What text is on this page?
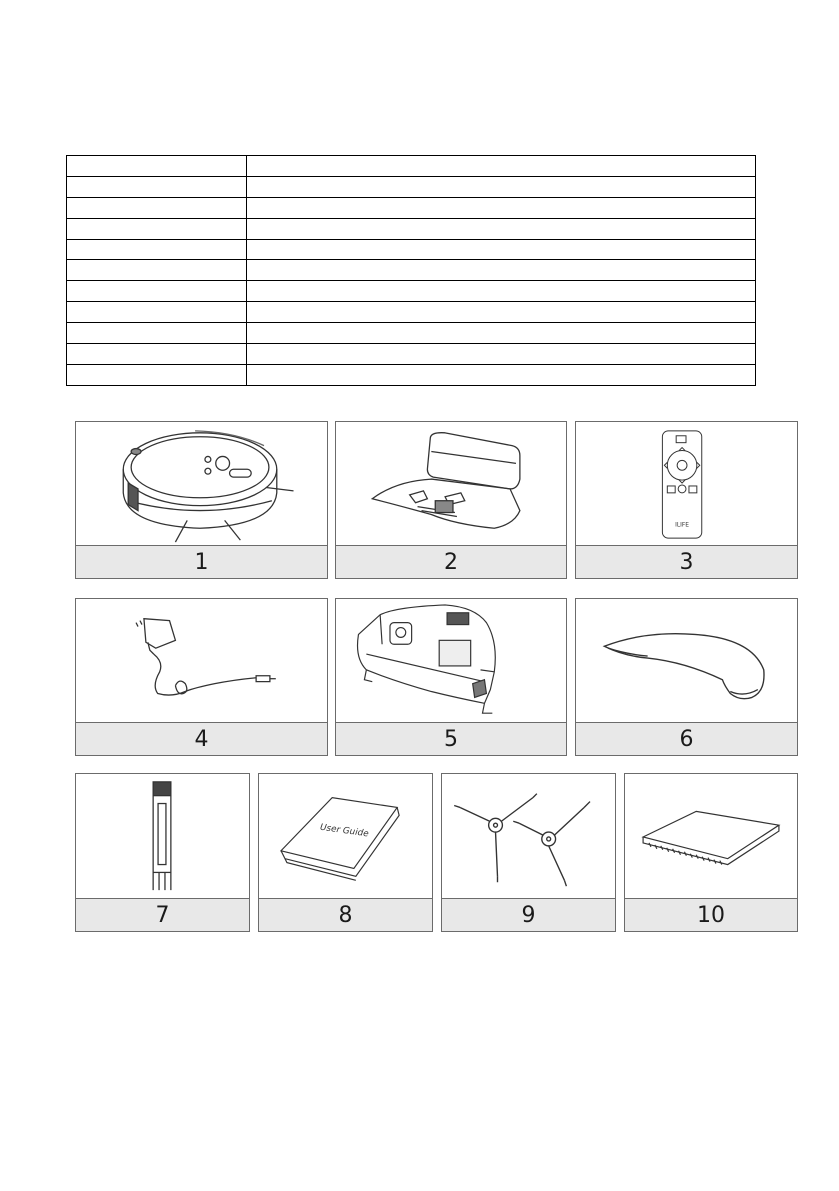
1	2
ILIFE
3
4	5	6
7
User Guide
8	9	10
